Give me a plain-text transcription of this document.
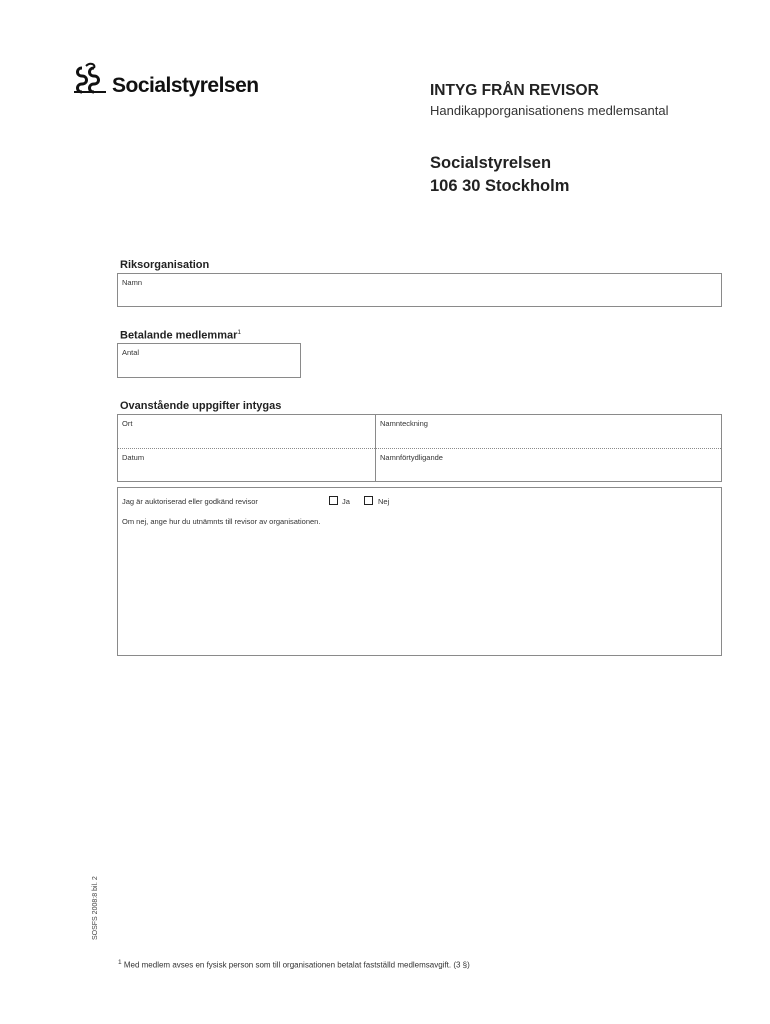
Socialstyrelsen	INTYG FRÅN REVISOR
Handikapporganisationens medlemsantal
Socialstyrelsen
106 30 Stockholm
Riksorganisation
Namn
Betalande medlemmar$^1$
Antal
Ovanstående uppgifter intygas
Ort	Namnteckning
Datum	Namnförtydligande
Jag är auktoriserad eller godkänd revisor	Ja	Nej
Om nej, ange hur du utnämnts till revisor av organisationen.
SOSFS 2008:8 bil. 2
$^1$ Med medlem avses en fysisk person som till organisationen betalat fastställd medlemsavgift. (3 §)
